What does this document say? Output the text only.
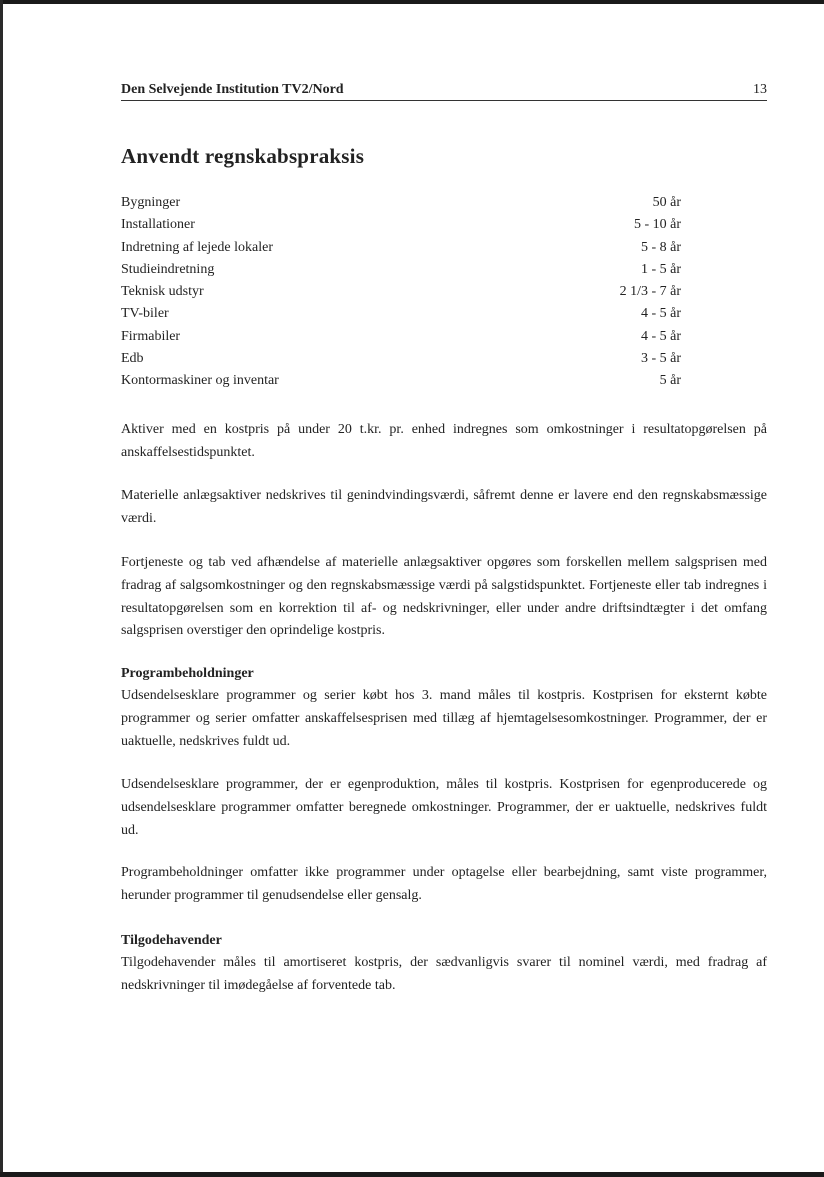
Den Selvejende Institution TV2/Nord	13
Anvendt regnskabspraksis
Bygninger	50 år
Installationer	5 - 10 år
Indretning af lejede lokaler	5 - 8 år
Studieindretning	1 - 5 år
Teknisk udstyr	2 1/3 - 7 år
TV-biler	4 - 5 år
Firmabiler	4 - 5 år
Edb	3 - 5 år
Kontormaskiner og inventar	5 år

Aktiver med en kostpris på under 20 t.kr. pr. enhed indregnes som omkostninger i resultatopgørelsen på anskaffelsestidspunktet.

Materielle anlægsaktiver nedskrives til genindvindingsværdi, såfremt denne er lavere end den regnskabsmæssige værdi.

Fortjeneste og tab ved afhændelse af materielle anlægsaktiver opgøres som forskellen mellem salgsprisen med fradrag af salgsomkostninger og den regnskabsmæssige værdi på salgstidspunktet. Fortjeneste eller tab indregnes i resultatopgørelsen som en korrektion til af- og nedskrivninger, eller under andre driftsindtægter i det omfang salgsprisen overstiger den oprindelige kostpris.

Programbeholdninger

Udsendelsesklare programmer og serier købt hos 3. mand måles til kostpris. Kostprisen for eksternt købte programmer og serier omfatter anskaffelsesprisen med tillæg af hjemtagelsesomkostninger. Programmer, der er uaktuelle, nedskrives fuldt ud.

Udsendelsesklare programmer, der er egenproduktion, måles til kostpris. Kostprisen for egenproducerede og udsendelsesklare programmer omfatter beregnede omkostninger. Programmer, der er uaktuelle, nedskrives fuldt ud.

Programbeholdninger omfatter ikke programmer under optagelse eller bearbejdning, samt viste programmer, herunder programmer til genudsendelse eller gensalg.

Tilgodehavender

Tilgodehavender måles til amortiseret kostpris, der sædvanligvis svarer til nominel værdi, med fradrag af nedskrivninger til imødegåelse af forventede tab.
